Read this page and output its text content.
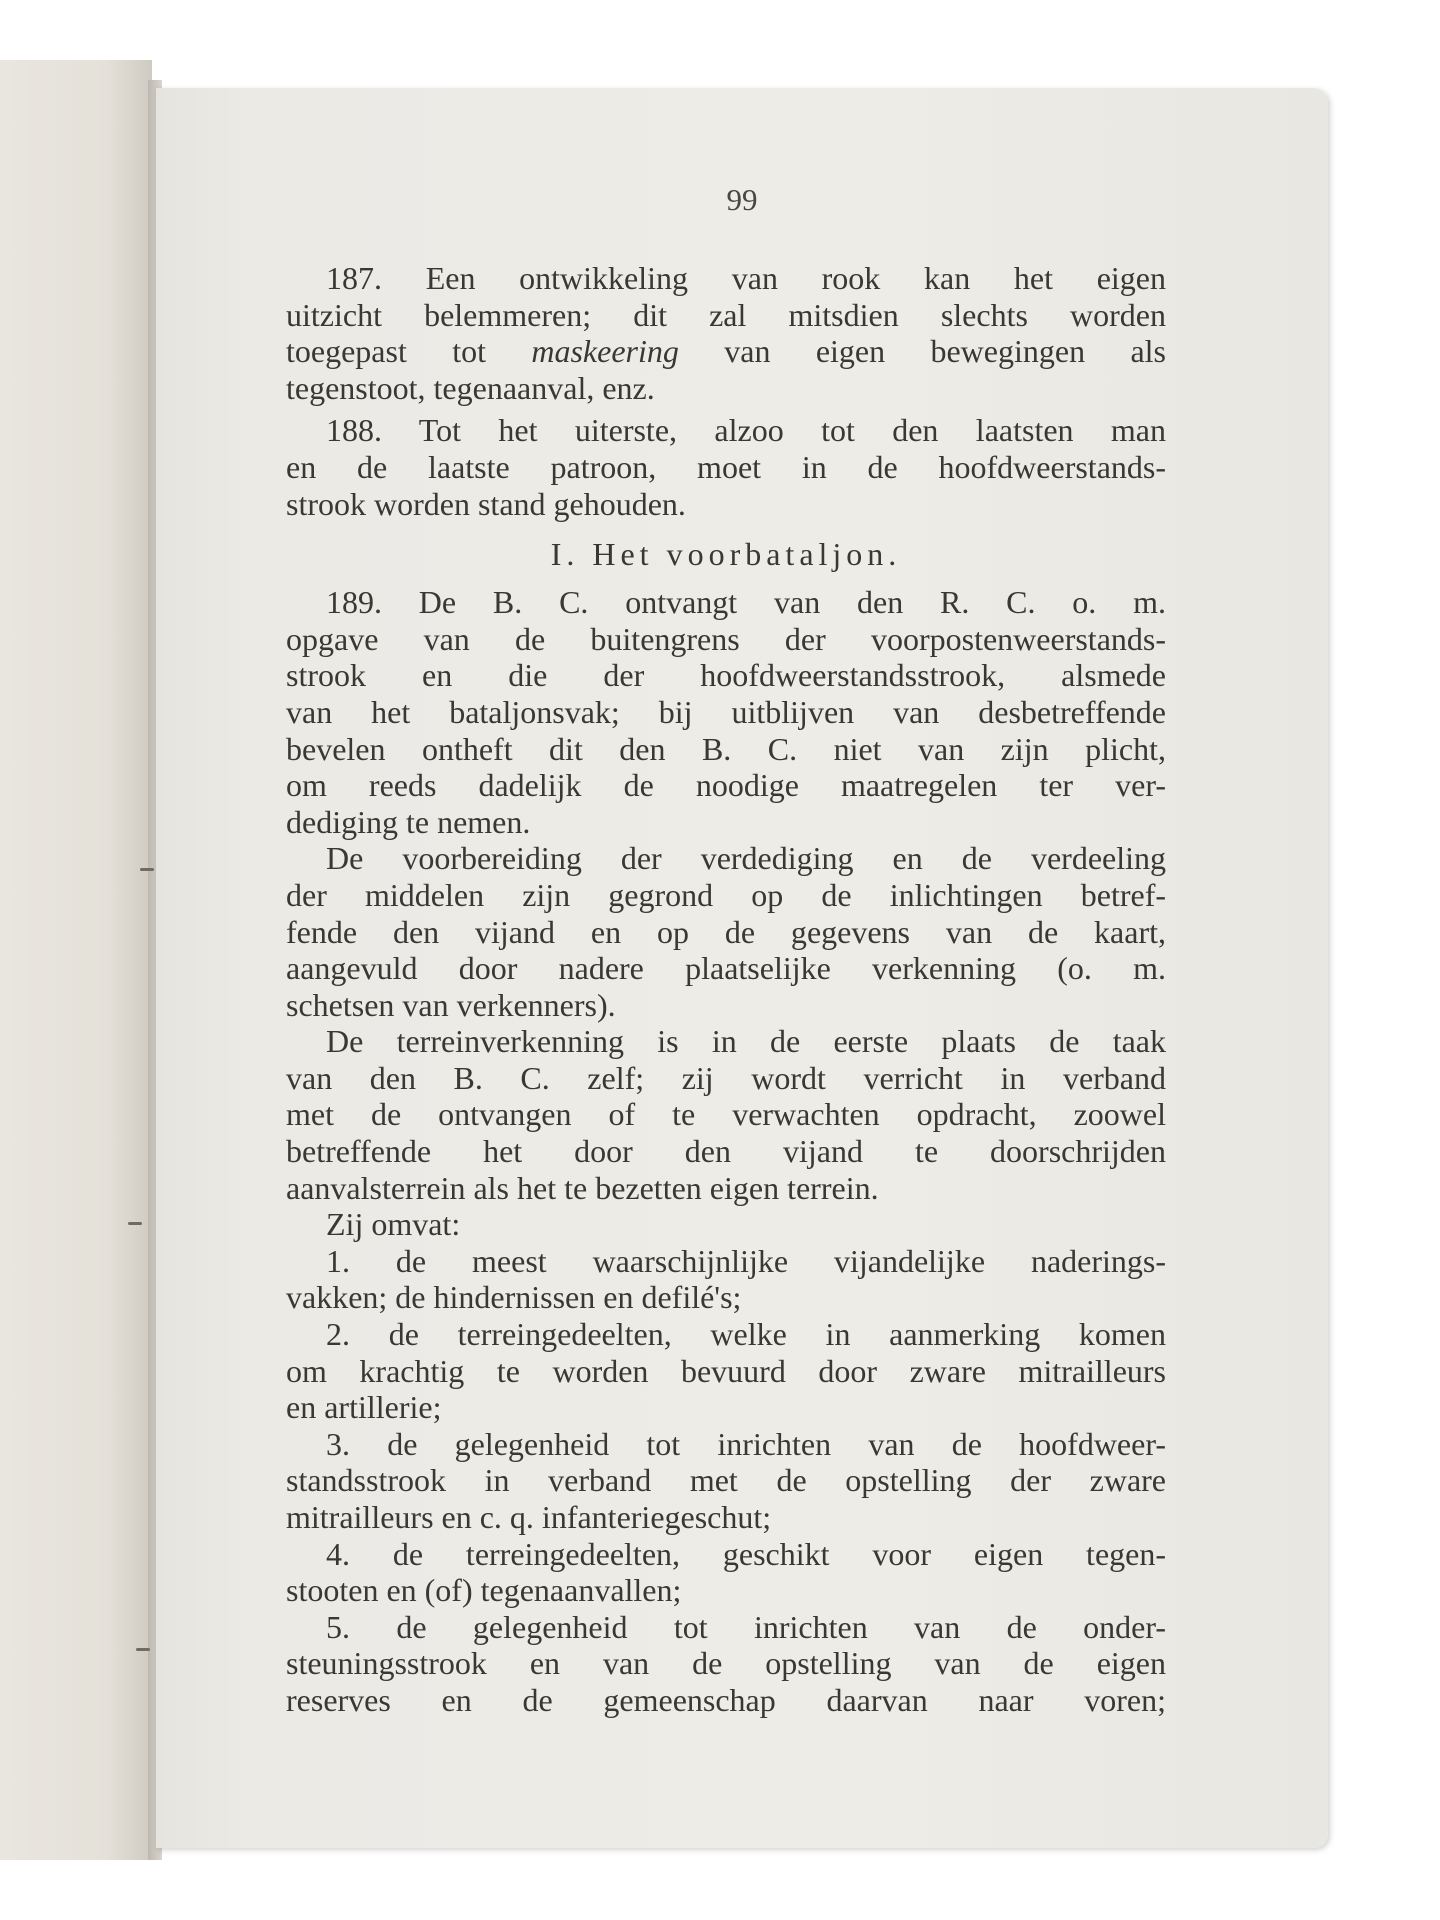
99
187. Een ontwikkeling van rook kan het eigen
uitzicht belemmeren; dit zal mitsdien slechts worden
toegepast tot maskeering van eigen bewegingen als
tegenstoot, tegenaanval, enz.
188. Tot het uiterste, alzoo tot den laatsten man
en de laatste patroon, moet in de hoofdweerstands-
strook worden stand gehouden.
I. Het voorbataljon.
189. De B. C. ontvangt van den R. C. o. m.
opgave van de buitengrens der voorpostenweerstands-
strook en die der hoofdweerstandsstrook, alsmede
van het bataljonsvak; bij uitblijven van desbetreffende
bevelen ontheft dit den B. C. niet van zijn plicht,
om reeds dadelijk de noodige maatregelen ter ver-
dediging te nemen.
De voorbereiding der verdediging en de verdeeling
der middelen zijn gegrond op de inlichtingen betref-
fende den vijand en op de gegevens van de kaart,
aangevuld door nadere plaatselijke verkenning (o. m.
schetsen van verkenners).
De terreinverkenning is in de eerste plaats de taak
van den B. C. zelf; zij wordt verricht in verband
met de ontvangen of te verwachten opdracht, zoowel
betreffende het door den vijand te doorschrijden
aanvalsterrein als het te bezetten eigen terrein.
Zij omvat:
1. de meest waarschijnlijke vijandelijke naderings-
vakken; de hindernissen en defilé's;
2. de terreingedeelten, welke in aanmerking komen
om krachtig te worden bevuurd door zware mitrailleurs
en artillerie;
3. de gelegenheid tot inrichten van de hoofdweer-
standsstrook in verband met de opstelling der zware
mitrailleurs en c. q. infanteriegeschut;
4. de terreingedeelten, geschikt voor eigen tegen-
stooten en (of) tegenaanvallen;
5. de gelegenheid tot inrichten van de onder-
steuningsstrook en van de opstelling van de eigen
reserves en de gemeenschap daarvan naar voren;
